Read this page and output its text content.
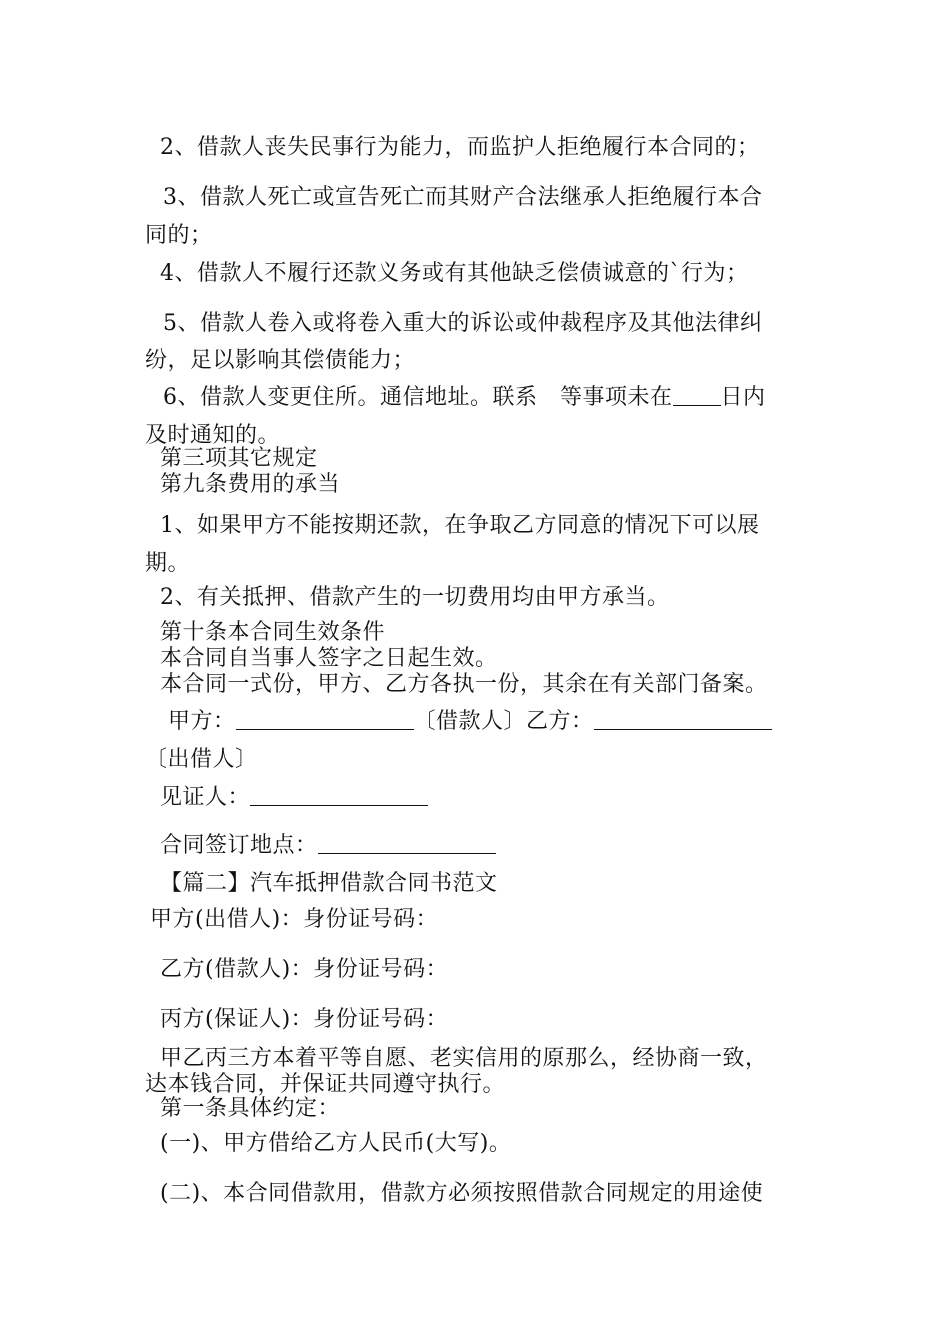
2、借款人丧失民事行为能力，而监护人拒绝履行本合同的；
3、借款人死亡或宣告死亡而其财产合法继承人拒绝履行本合
同的；
4、借款人不履行还款义务或有其他缺乏偿债诚意的`行为；
5、借款人卷入或将卷入重大的诉讼或仲裁程序及其他法律纠
纷，足以影响其偿债能力；
6、借款人变更住所。通信地址。联系　等事项未在 日内
及时通知的。
第三项其它规定
第九条费用的承当
1、如果甲方不能按期还款，在争取乙方同意的情况下可以展
期。
2、有关抵押、借款产生的一切费用均由甲方承当。
第十条本合同生效条件
本合同自当事人签字之日起生效。
本合同一式份，甲方、乙方各执一份，其余在有关部门备案。
甲方：	〔借款人〕乙方：
〔出借人〕
见证人：
合同签订地点：
【篇二】汽车抵押借款合同书范文
甲方(出借人)：身份证号码：
乙方(借款人)：身份证号码：
丙方(保证人)：身份证号码：
甲乙丙三方本着平等自愿、老实信用的原那么，经协商一致，
达本钱合同，并保证共同遵守执行。
第一条具体约定：
(一)、甲方借给乙方人民币(大写)。
(二)、本合同借款用，借款方必须按照借款合同规定的用途使
